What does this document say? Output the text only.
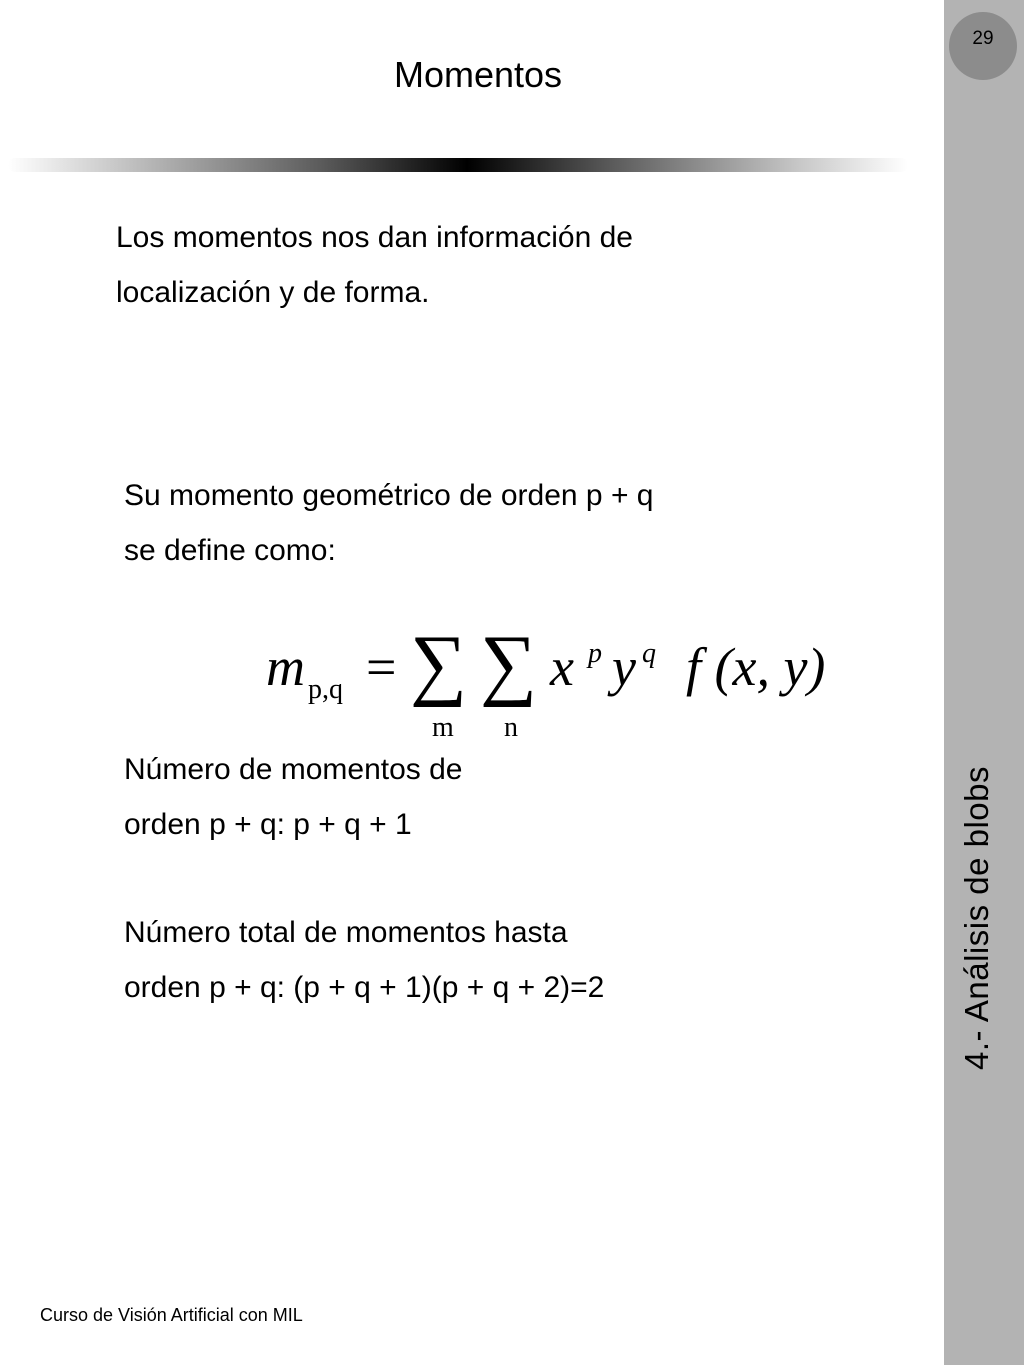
29
4.- Análisis de blobs
Momentos
Los momentos nos dan información de
localización y de forma.
Su momento geométrico de orden p + q
se define como:
m p,q = ∑ ∑
m n
x p y q f (x, y)
Número de momentos de
orden p + q: p + q + 1
Número total de momentos hasta
orden p + q: (p + q + 1)(p + q + 2)=2
Curso de Visión Artificial con MIL
